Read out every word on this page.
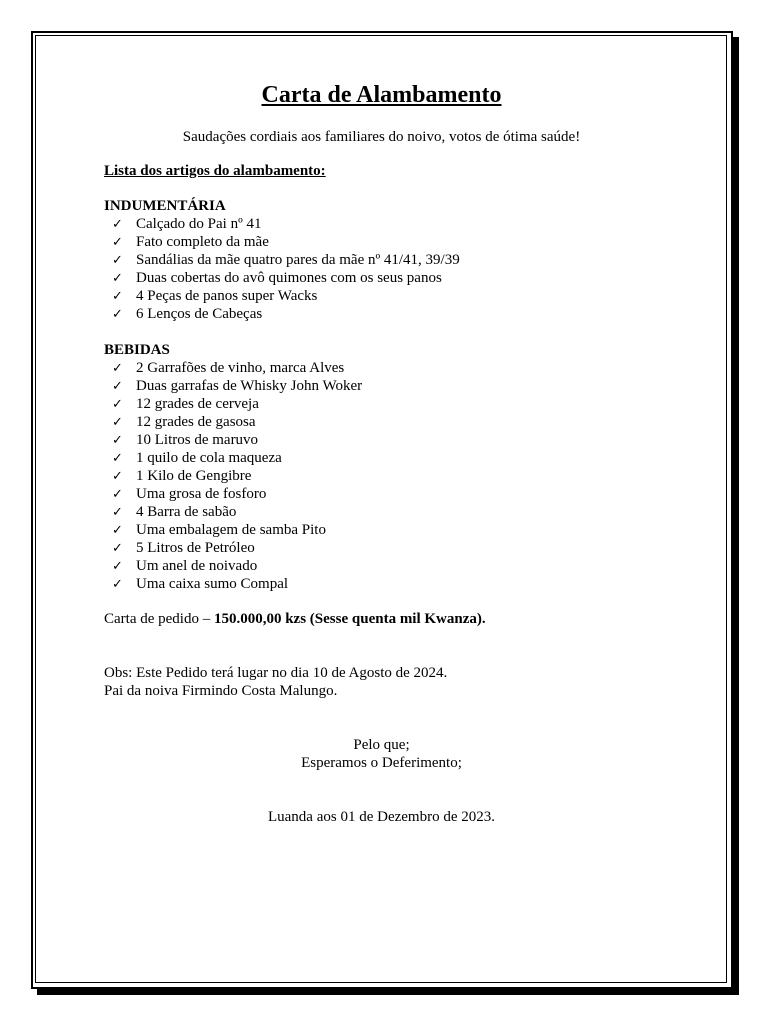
Carta de Alambamento
Saudações cordiais aos familiares do noivo, votos de ótima saúde!
Lista dos artigos do alambamento:
INDUMENTÁRIA
✓ Calçado do Pai nº 41
✓ Fato completo da mãe
✓ Sandálias da mãe quatro pares da mãe nº 41/41, 39/39
✓ Duas cobertas do avô quimones com os seus panos
✓ 4 Peças de panos super Wacks
✓ 6 Lenços de Cabeças
BEBIDAS
✓ 2 Garrafões de vinho, marca Alves
✓ Duas garrafas de Whisky John Woker
✓ 12 grades de cerveja
✓ 12 grades de gasosa
✓ 10 Litros de maruvo
✓ 1 quilo de cola maqueza
✓ 1 Kilo de Gengibre
✓ Uma grosa de fosforo
✓ 4 Barra de sabão
✓ Uma embalagem de samba Pito
✓ 5 Litros de Petróleo
✓ Um anel de noivado
✓ Uma caixa sumo Compal
Carta de pedido – 150.000,00 kzs (Sesse quenta mil Kwanza).
Obs: Este Pedido terá lugar no dia 10 de Agosto de 2024.
Pai da noiva Firmindo Costa Malungo.
Pelo que;
Esperamos o Deferimento;
Luanda aos 01 de Dezembro de 2023.
